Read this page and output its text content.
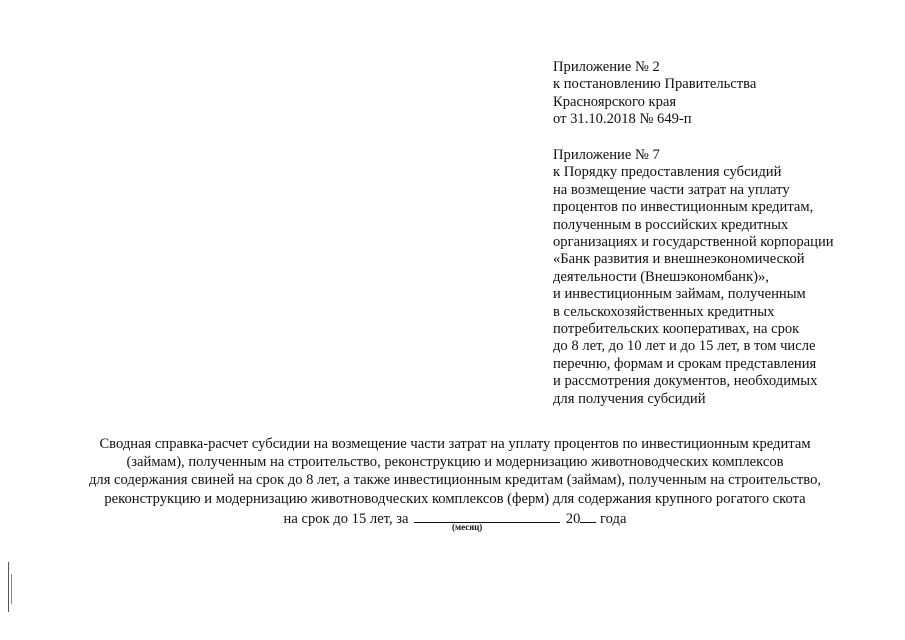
Приложение № 2
к постановлению Правительства
Красноярского края
от 31.10.2018 № 649-п
Приложение № 7
к Порядку предоставления субсидий
на возмещение части затрат на уплату
процентов по инвестиционным кредитам,
полученным в российских кредитных
организациях и государственной корпорации
«Банк развития и внешнеэкономической
деятельности (Внешэкономбанк)»,
и инвестиционным займам, полученным
в сельскохозяйственных кредитных
потребительских кооперативах, на срок
до 8 лет, до 10 лет и до 15 лет, в том числе
перечню, формам и срокам представления
и рассмотрения документов, необходимых
для получения субсидий
Сводная справка-расчет субсидии на возмещение части затрат на уплату процентов по инвестиционным кредитам
(займам), полученным на строительство, реконструкцию и модернизацию животноводческих комплексов
для содержания свиней на срок до 8 лет, а также инвестиционным кредитам (займам), полученным на строительство,
реконструкцию и модернизацию животноводческих комплексов (ферм) для содержания крупного рогатого скота
на срок до 15 лет, за	20 года
(месяц)
